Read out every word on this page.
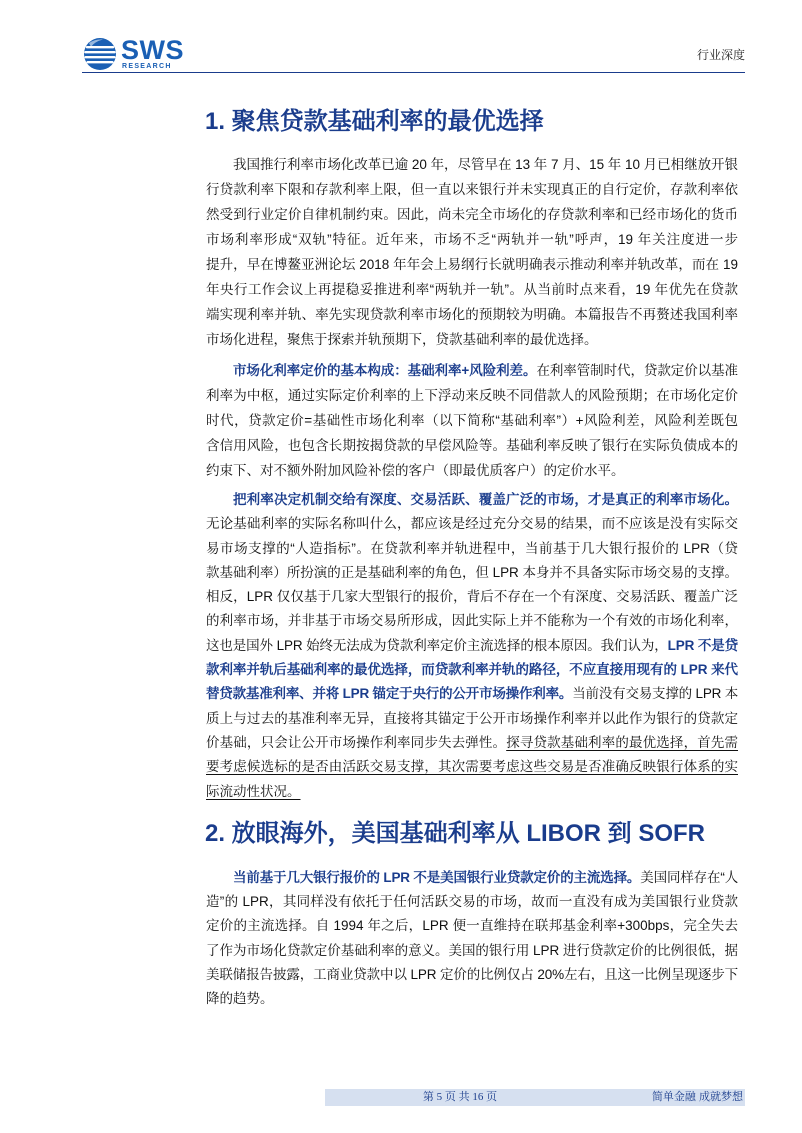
SWS
RESEARCH
行业深度
1. 聚焦贷款基础利率的最优选择
我国推行利率市场化改革已逾 20 年，尽管早在 13 年 7 月、15 年 10 月已相继放开银
行贷款利率下限和存款利率上限，但一直以来银行并未实现真正的自行定价，存款利率依
然受到行业定价自律机制约束。因此，尚未完全市场化的存贷款利率和已经市场化的货币
市场利率形成“双轨”特征。近年来，市场不乏“两轨并一轨”呼声，19 年关注度进一步
提升，早在博鳌亚洲论坛 2018 年年会上易纲行长就明确表示推动利率并轨改革，而在 19
年央行工作会议上再提稳妥推进利率“两轨并一轨”。从当前时点来看，19 年优先在贷款
端实现利率并轨、率先实现贷款利率市场化的预期较为明确。本篇报告不再赘述我国利率
市场化进程，聚焦于探索并轨预期下，贷款基础利率的最优选择。
市场化利率定价的基本构成：基础利率+风险利差。在利率管制时代，贷款定价以基准
利率为中枢，通过实际定价利率的上下浮动来反映不同借款人的风险预期；在市场化定价
时代，贷款定价=基础性市场化利率（以下简称“基础利率”）+风险利差，风险利差既包
含信用风险，也包含长期按揭贷款的早偿风险等。基础利率反映了银行在实际负债成本的
约束下、对不额外附加风险补偿的客户（即最优质客户）的定价水平。
把利率决定机制交给有深度、交易活跃、覆盖广泛的市场，才是真正的利率市场化。
无论基础利率的实际名称叫什么，都应该是经过充分交易的结果，而不应该是没有实际交
易市场支撑的“人造指标”。在贷款利率并轨进程中，当前基于几大银行报价的 LPR（贷
款基础利率）所扮演的正是基础利率的角色，但 LPR 本身并不具备实际市场交易的支撑。
相反，LPR 仅仅基于几家大型银行的报价，背后不存在一个有深度、交易活跃、覆盖广泛
的利率市场，并非基于市场交易所形成，因此实际上并不能称为一个有效的市场化利率，
这也是国外 LPR 始终无法成为贷款利率定价主流选择的根本原因。我们认为，LPR 不是贷
款利率并轨后基础利率的最优选择，而贷款利率并轨的路径，不应直接用现有的 LPR 来代
替贷款基准利率、并将 LPR 锚定于央行的公开市场操作利率。当前没有交易支撑的 LPR 本
质上与过去的基准利率无异，直接将其锚定于公开市场操作利率并以此作为银行的贷款定
价基础，只会让公开市场操作利率同步失去弹性。探寻贷款基础利率的最优选择，首先需
要考虑候选标的是否由活跃交易支撑，其次需要考虑这些交易是否准确反映银行体系的实
际流动性状况。
2. 放眼海外，美国基础利率从 LIBOR 到 SOFR
当前基于几大银行报价的 LPR 不是美国银行业贷款定价的主流选择。美国同样存在“人
造”的 LPR，其同样没有依托于任何活跃交易的市场，故而一直没有成为美国银行业贷款
定价的主流选择。自 1994 年之后，LPR 便一直维持在联邦基金利率+300bps，完全失去
了作为市场化贷款定价基础利率的意义。美国的银行用 LPR 进行贷款定价的比例很低，据
美联储报告披露，工商业贷款中以 LPR 定价的比例仅占 20%左右，且这一比例呈现逐步下
降的趋势。
第 5 页 共 16 页	简单金融 成就梦想
